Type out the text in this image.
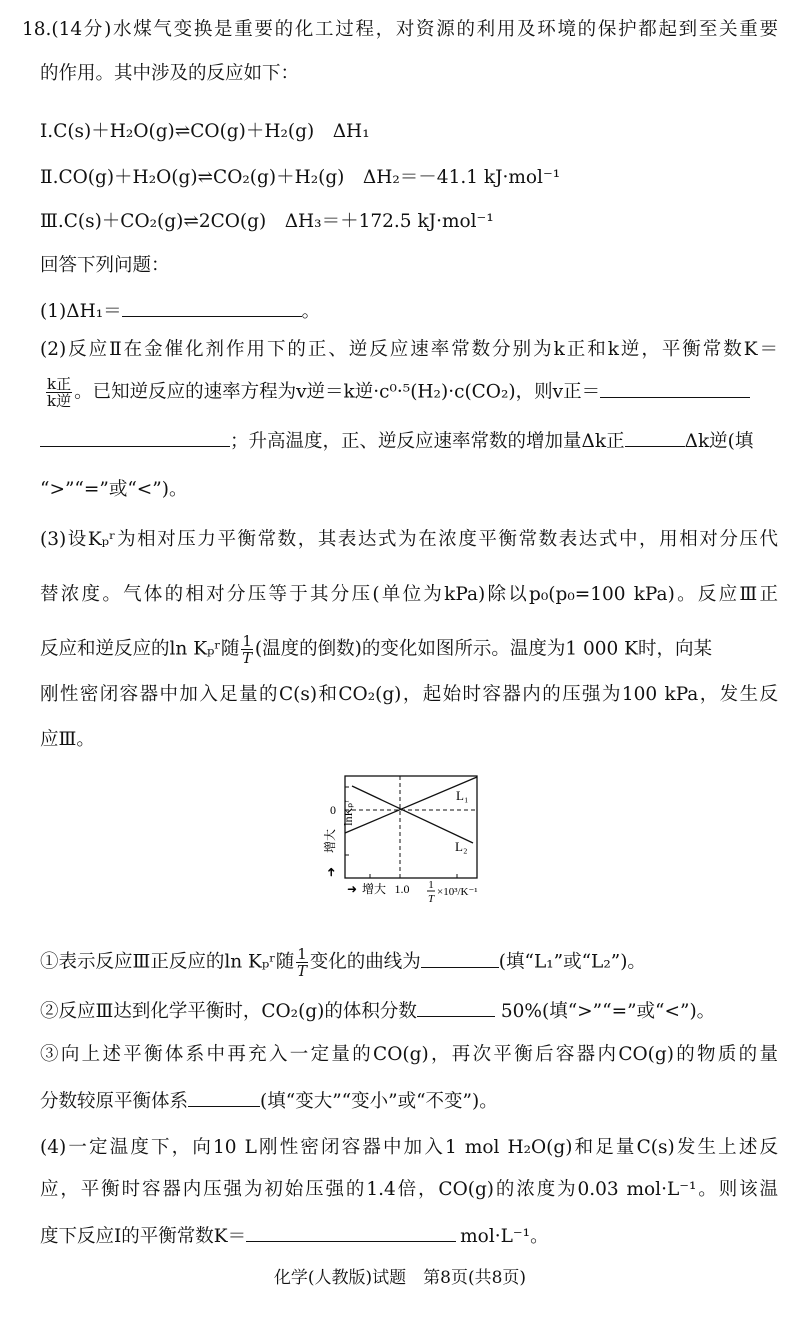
18.(14分)水煤气变换是重要的化工过程，对资源的利用及环境的保护都起到至关重要
的作用。其中涉及的反应如下：
Ⅰ.C(s)＋H₂O(g)⇌CO(g)＋H₂(g)　ΔH₁
Ⅱ.CO(g)＋H₂O(g)⇌CO₂(g)＋H₂(g)　ΔH₂＝－41.1 kJ·mol⁻¹
Ⅲ.C(s)＋CO₂(g)⇌2CO(g)　ΔH₃＝＋172.5 kJ·mol⁻¹
回答下列问题：
(1)ΔH₁＝	。
(2)反应Ⅱ在金催化剂作用下的正、逆反应速率常数分别为k正和k逆，平衡常数K＝
$\frac{\text{k正}}{\text{k逆}}$ 。已知逆反应的速率方程为v逆＝k逆·c⁰·⁵(H₂)·c(CO₂)，则v正＝
；升高温度，正、逆反应速率常数的增加量Δk正	Δk逆(填
“>”“=”或“<”)。
(3)设Kₚʳ为相对压力平衡常数，其表达式为在浓度平衡常数表达式中，用相对分压代
替浓度。气体的相对分压等于其分压(单位为kPa)除以p₀(p₀=100 kPa)。反应Ⅲ正
反应和逆反应的ln Kₚʳ随 $\frac{1}{T}$ (温度的倒数)的变化如图所示。温度为1 000 K时，向某
刚性密闭容器中加入足量的C(s)和CO₂(g)，起始时容器内的压强为100 kPa，发生反
应Ⅲ。
lnKₚʳ
0
增大
➜
➜ 增大 1.0 1
T
×10³/K⁻¹
L₁
L₂
①表示反应Ⅲ正反应的ln Kₚʳ随 $\frac{1}{T}$ 变化的曲线为	(填“L₁”或“L₂”)。
②反应Ⅲ达到化学平衡时，CO₂(g)的体积分数	50%(填“>”“=”或“<”)。
③向上述平衡体系中再充入一定量的CO(g)，再次平衡后容器内CO(g)的物质的量
分数较原平衡体系	(填“变大”“变小”或“不变”)。
(4)一定温度下，向10 L刚性密闭容器中加入1 mol H₂O(g)和足量C(s)发生上述反
应，平衡时容器内压强为初始压强的1.4倍，CO(g)的浓度为0.03 mol·L⁻¹。则该温
度下反应Ⅰ的平衡常数K＝	mol·L⁻¹。
化学(人教版)试题　第8页(共8页)
